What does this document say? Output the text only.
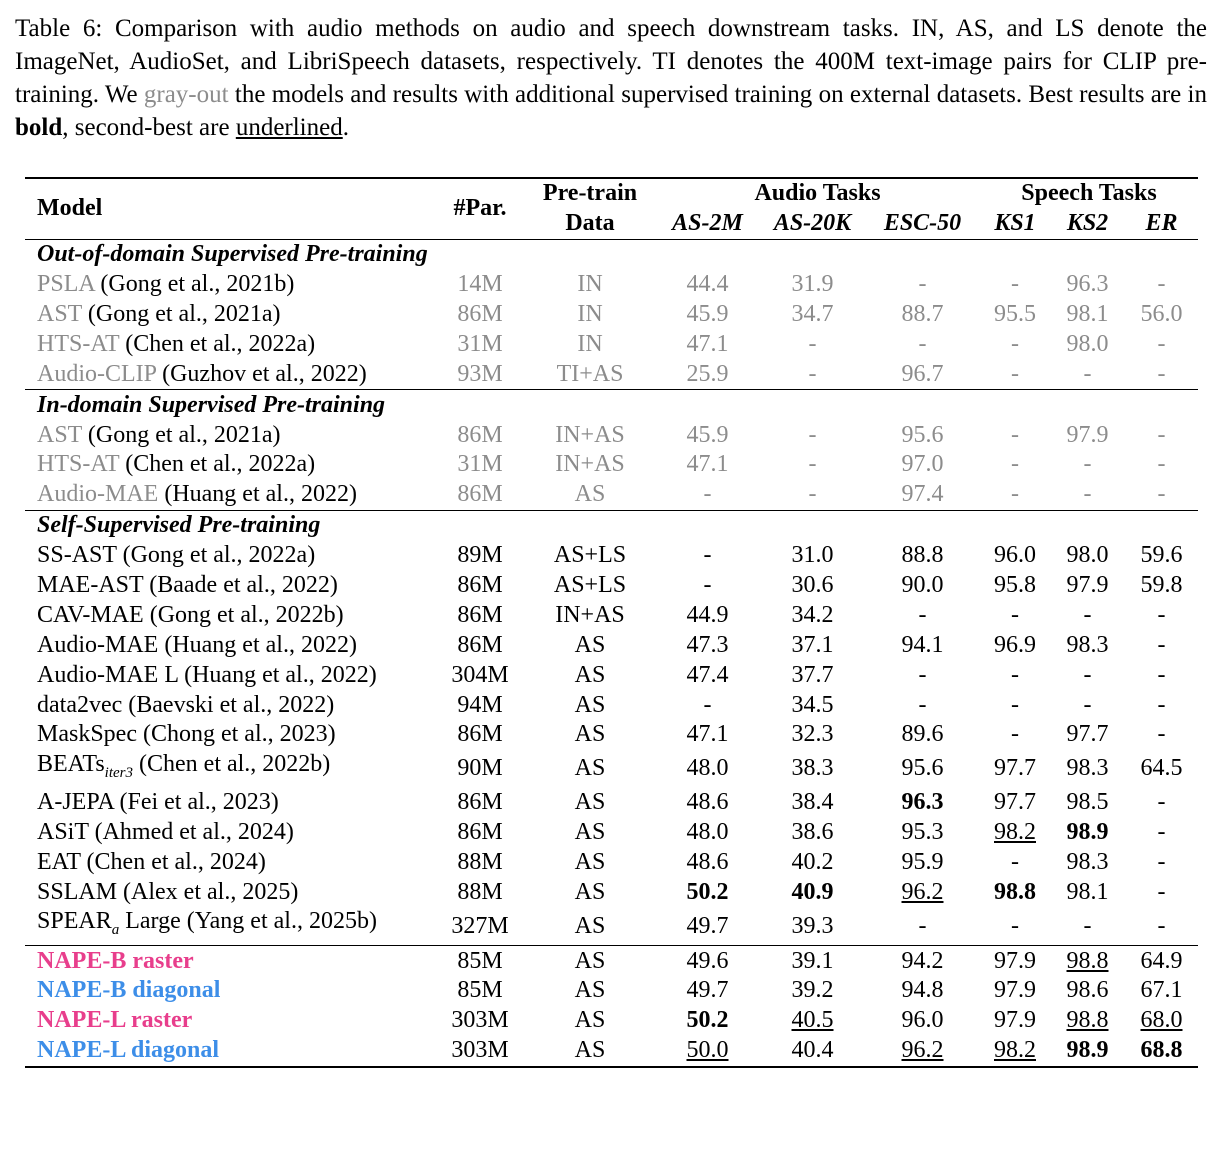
Table 6: Comparison with audio methods on audio and speech downstream tasks. IN, AS, and LS denote the ImageNet, AudioSet, and LibriSpeech datasets, respectively. TI denotes the 400M text-image pairs for CLIP pre-training. We gray-out the models and results with additional supervised training on external datasets. Best results are in bold, second-best are underlined.
Model	#Par.	Pre-train	Audio Tasks			Speech Tasks		
		Data	AS-2M	AS-20K	ESC-50	KS1	KS2	ER
Out-of-domain Supervised Pre-training								
PSLA (Gong et al., 2021b)	14M	IN	44.4	31.9	-	-	96.3	-
AST (Gong et al., 2021a)	86M	IN	45.9	34.7	88.7	95.5	98.1	56.0
HTS-AT (Chen et al., 2022a)	31M	IN	47.1	-	-	-	98.0	-
Audio-CLIP (Guzhov et al., 2022)	93M	TI+AS	25.9	-	96.7	-	-	-
In-domain Supervised Pre-training								
AST (Gong et al., 2021a)	86M	IN+AS	45.9	-	95.6	-	97.9	-
HTS-AT (Chen et al., 2022a)	31M	IN+AS	47.1	-	97.0	-	-	-
Audio-MAE (Huang et al., 2022)	86M	AS	-	-	97.4	-	-	-
Self-Supervised Pre-training								
SS-AST (Gong et al., 2022a)	89M	AS+LS	-	31.0	88.8	96.0	98.0	59.6
MAE-AST (Baade et al., 2022)	86M	AS+LS	-	30.6	90.0	95.8	97.9	59.8
CAV-MAE (Gong et al., 2022b)	86M	IN+AS	44.9	34.2	-	-	-	-
Audio-MAE (Huang et al., 2022)	86M	AS	47.3	37.1	94.1	96.9	98.3	-
Audio-MAE L (Huang et al., 2022)	304M	AS	47.4	37.7	-	-	-	-
data2vec (Baevski et al., 2022)	94M	AS	-	34.5	-	-	-	-
MaskSpec (Chong et al., 2023)	86M	AS	47.1	32.3	89.6	-	97.7	-
BEATs$_{iter3}$ (Chen et al., 2022b)	90M	AS	48.0	38.3	95.6	97.7	98.3	64.5
A-JEPA (Fei et al., 2023)	86M	AS	48.6	38.4	96.3	97.7	98.5	-
ASiT (Ahmed et al., 2024)	86M	AS	48.0	38.6	95.3	98.2	98.9	-
EAT (Chen et al., 2024)	88M	AS	48.6	40.2	95.9	-	98.3	-
SSLAM (Alex et al., 2025)	88M	AS	50.2	40.9	96.2	98.8	98.1	-
$SPEAR_a$ Large (Yang et al., 2025b)	327M	AS	49.7	39.3	-	-	-	-
NAPE-B raster	85M	AS	49.6	39.1	94.2	97.9	98.8	64.9
NAPE-B diagonal	85M	AS	49.7	39.2	94.8	97.9	98.6	67.1
NAPE-L raster	303M	AS	50.2	40.5	96.0	97.9	98.8	68.0
NAPE-L diagonal	303M	AS	50.0	40.4	96.2	98.2	98.9	68.8
